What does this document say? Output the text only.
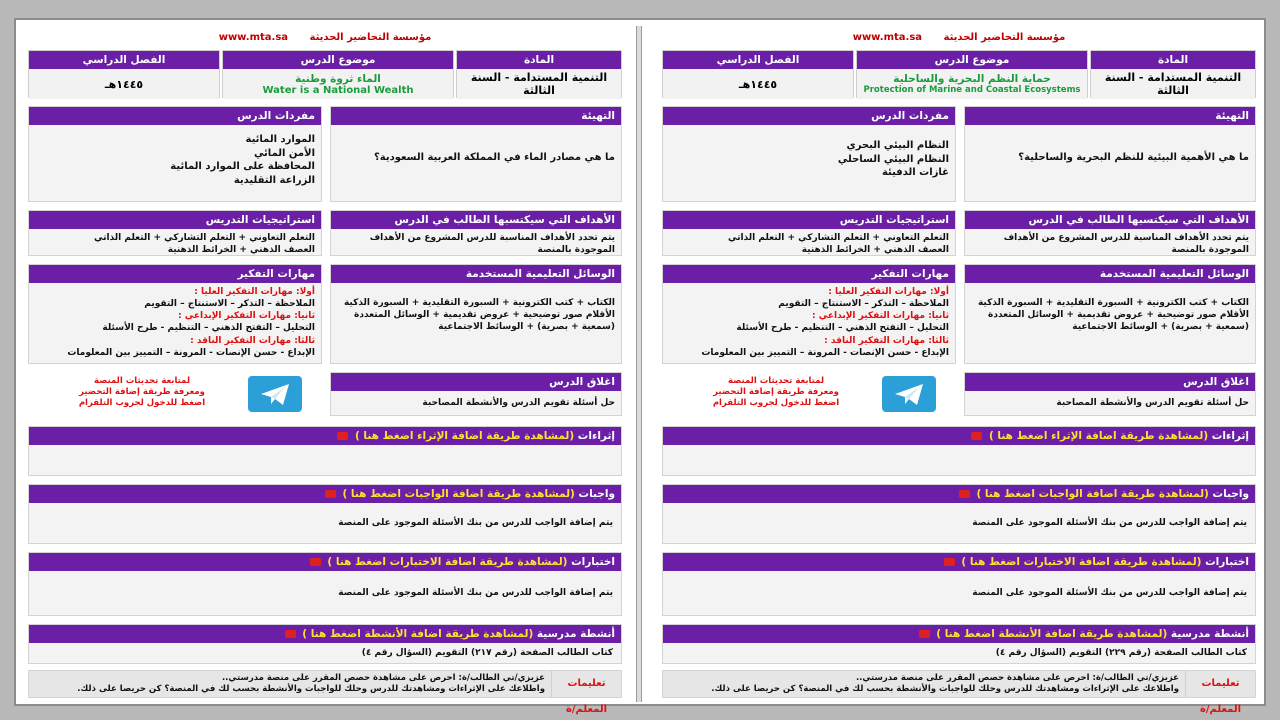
www.mta.sa مؤسسة التحاضير الحديثة
المادة
التنمية المستدامة - السنة الثالثة
موضوع الدرس
الماء ثروة وطنية
Water is a National Wealth
الفصل الدراسي
١٤٤٥هـ
التهيئة
ما هي مصادر الماء في المملكة العربية السعودية؟
مفردات الدرس
الموارد المائية
الأمن المائي
المحافظة على الموارد المائية
الزراعة التقليدية
الأهداف التي سيكتسبها الطالب في الدرس
يتم تحدد الأهداف المناسبة للدرس المشروع من الأهداف الموجودة بالمنصة
استراتيجيات التدريس
التعلم التعاوني + التعلم التشاركي + التعلم الذاتي
العصف الذهني + الخرائط الذهنية
الوسائل التعليمية المستخدمة
الكتاب + كتب الكترونية + السبورة التقليدية + السبورة الذكية
الأقلام صور توضيحية + عروض تقديمية + الوسائل المتعددة
(سمعية + بصرية) + الوسائط الاجتماعية
مهارات التفكير
أولا: مهارات التفكير العليا :
الملاحظة – التذكر – الاستنتاج – التقويم
ثانيا: مهارات التفكير الإبداعي :
التحليل – التفتح الذهني – التنظيم - طرح الأسئلة
ثالثا: مهارات التفكير الناقد :
الإبداع - حسن الإنصات - المرونة – التمييز بين المعلومات
اغلاق الدرس
حل أسئلة تقويم الدرس والأنشطة المصاحبة
لمتابعة تحديثات المنصة
ومعرفة طريقة إضافة التحضير
اضغط للدخول لجروب التلقرام
إثراءات (لمشاهدة طريقة اضافة الإثراء اضغط هنا )
واجبات (لمشاهدة طريقة اضافة الواجبات اضغط هنا )
يتم إضافة الواجب للدرس من بنك الأسئلة الموجود على المنصة
اختبارات (لمشاهدة طريقة اضافة الاختبارات اضغط هنا )
يتم إضافة الواجب للدرس من بنك الأسئلة الموجود على المنصة
أنشطة مدرسية (لمشاهدة طريقة اضافة الأنشطة اضغط هنا )
كتاب الطالب الصفحة (رقم ٢١٧) التقويم (السؤال رقم ٤)
تعليمات المعلم/ة
عزيزي/تي الطالب/ة: احرص على مشاهدة حصص المقرر على منصة مدرستي..
واطلاعك على الإثراءات ومشاهدتك للدرس وحلك للواجبات والأنشطة بحسب لك في المنصة؟ كن حريصا على ذلك.
www.mta.sa مؤسسة التحاضير الحديثة
المادة
التنمية المستدامة - السنة الثالثة
موضوع الدرس
حماية النظم البحرية والساحلية
Protection of Marine and Coastal Ecosystems
الفصل الدراسي
١٤٤٥هـ
التهيئة
ما هي الأهمية البيئية للنظم البحرية والساحلية؟
مفردات الدرس
النظام البيئي البحري
النظام البيئي الساحلي
غازات الدفيئة
الأهداف التي سيكتسبها الطالب في الدرس
يتم تحدد الأهداف المناسبة للدرس المشروع من الأهداف الموجودة بالمنصة
استراتيجيات التدريس
التعلم التعاوني + التعلم التشاركي + التعلم الذاتي
العصف الذهني + الخرائط الذهنية
الوسائل التعليمية المستخدمة
الكتاب + كتب الكترونية + السبورة التقليدية + السبورة الذكية
الأقلام صور توضيحية + عروض تقديمية + الوسائل المتعددة
(سمعية + بصرية) + الوسائط الاجتماعية
مهارات التفكير
أولا: مهارات التفكير العليا :
الملاحظة – التذكر – الاستنتاج – التقويم
ثانيا: مهارات التفكير الإبداعي :
التحليل – التفتح الذهني – التنظيم - طرح الأسئلة
ثالثا: مهارات التفكير الناقد :
الإبداع - حسن الإنصات - المرونة – التمييز بين المعلومات
اغلاق الدرس
حل أسئلة تقويم الدرس والأنشطة المصاحبة
لمتابعة تحديثات المنصة
ومعرفة طريقة إضافة التحضير
اضغط للدخول لجروب التلقرام
إثراءات (لمشاهدة طريقة اضافة الإثراء اضغط هنا )
واجبات (لمشاهدة طريقة اضافة الواجبات اضغط هنا )
يتم إضافة الواجب للدرس من بنك الأسئلة الموجود على المنصة
اختبارات (لمشاهدة طريقة اضافة الاختبارات اضغط هنا )
يتم إضافة الواجب للدرس من بنك الأسئلة الموجود على المنصة
أنشطة مدرسية (لمشاهدة طريقة اضافة الأنشطة اضغط هنا )
كتاب الطالب الصفحة (رقم ٢٢٩) التقويم (السؤال رقم ٤)
تعليمات المعلم/ة
عزيزي/تي الطالب/ة: احرص على مشاهدة حصص المقرر على منصة مدرستي..
واطلاعك على الإثراءات ومشاهدتك للدرس وحلك للواجبات والأنشطة بحسب لك في المنصة؟ كن حريصا على ذلك.
